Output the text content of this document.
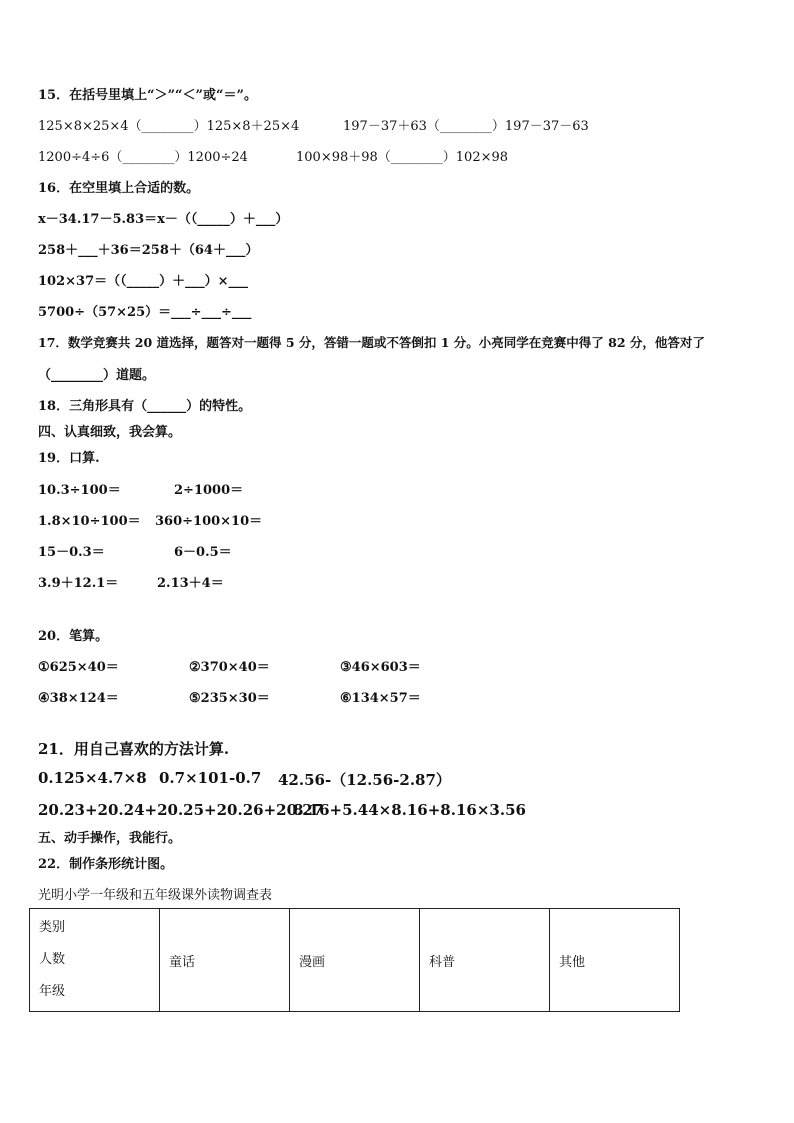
15．在括号里填上“＞”“＜”或“＝”。
125×8×25×4（________）125×8＋25×4	197－37＋63（________）197－37－63
1200÷4÷6（________）1200÷24	100×98＋98（________）102×98
16．在空里填上合适的数。
x－34.17－5.83＝x－（（_____）＋___）
258＋___＋36＝258＋（64＋___）
102×37＝（（_____）＋___）×___
5700÷（57×25）＝___÷___÷___
17．数学竞赛共 20 道选择，题答对一题得 5 分，答错一题或不答倒扣 1 分。小亮同学在竞赛中得了 82 分，他答对了
（________）道题。
18．三角形具有（______）的特性。
四、认真细致，我会算。
19．口算.
10.3÷100＝	2÷1000＝
1.8×10÷100＝ 360÷100×10＝
15－0.3＝	6－0.5＝
3.9＋12.1＝	2.13＋4＝
20．笔算。
①625×40＝	②370×40＝	③46×603＝
④38×124＝	⑤235×30＝	⑥134×57＝
21．用自己喜欢的方法计算.
0.125×4.7×8 0.7×101-0.7 42.56-（12.56-2.87）
20.23+20.24+20.25+20.26+20.27
8.16+5.44×8.16+8.16×3.56
五、动手操作，我能行。
22．制作条形统计图。
光明小学一年级和五年级课外读物调查表
类别
人数
年级
	童话	漫画	科普	其他
